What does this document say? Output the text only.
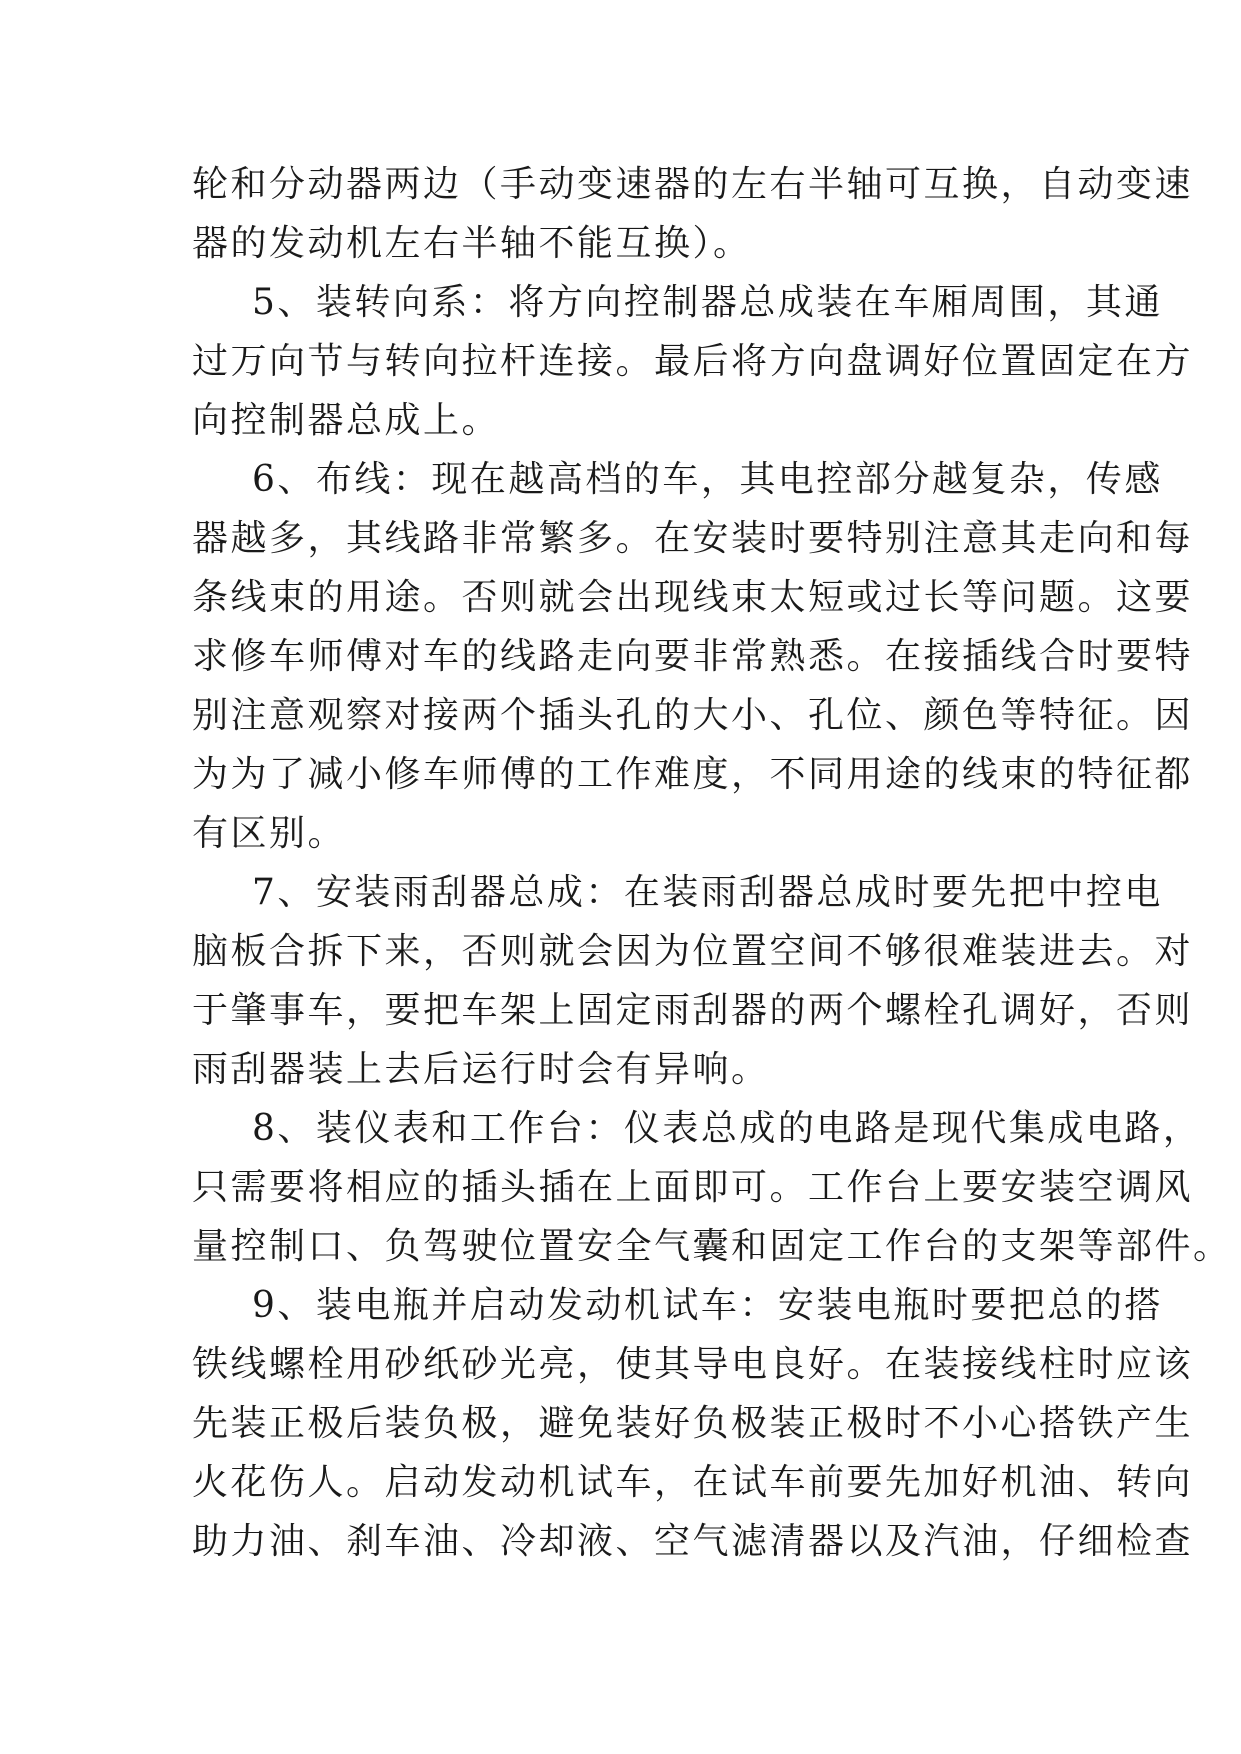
轮和分动器两边（手动变速器的左右半轴可互换，自动变速
器的发动机左右半轴不能互换）。
5、装转向系：将方向控制器总成装在车厢周围，其通
过万向节与转向拉杆连接。最后将方向盘调好位置固定在方
向控制器总成上。
6、布线：现在越高档的车，其电控部分越复杂，传感
器越多，其线路非常繁多。在安装时要特别注意其走向和每
条线束的用途。否则就会出现线束太短或过长等问题。这要
求修车师傅对车的线路走向要非常熟悉。在接插线合时要特
别注意观察对接两个插头孔的大小、孔位、颜色等特征。因
为为了减小修车师傅的工作难度，不同用途的线束的特征都
有区别。
7、安装雨刮器总成：在装雨刮器总成时要先把中控电
脑板合拆下来，否则就会因为位置空间不够很难装进去。对
于肇事车，要把车架上固定雨刮器的两个螺栓孔调好，否则
雨刮器装上去后运行时会有异响。
8、装仪表和工作台：仪表总成的电路是现代集成电路，
只需要将相应的插头插在上面即可。工作台上要安装空调风
量控制口、负驾驶位置安全气囊和固定工作台的支架等部件。
9、装电瓶并启动发动机试车：安装电瓶时要把总的搭
铁线螺栓用砂纸砂光亮，使其导电良好。在装接线柱时应该
先装正极后装负极，避免装好负极装正极时不小心搭铁产生
火花伤人。启动发动机试车，在试车前要先加好机油、转向
助力油、刹车油、冷却液、空气滤清器以及汽油，仔细检查
